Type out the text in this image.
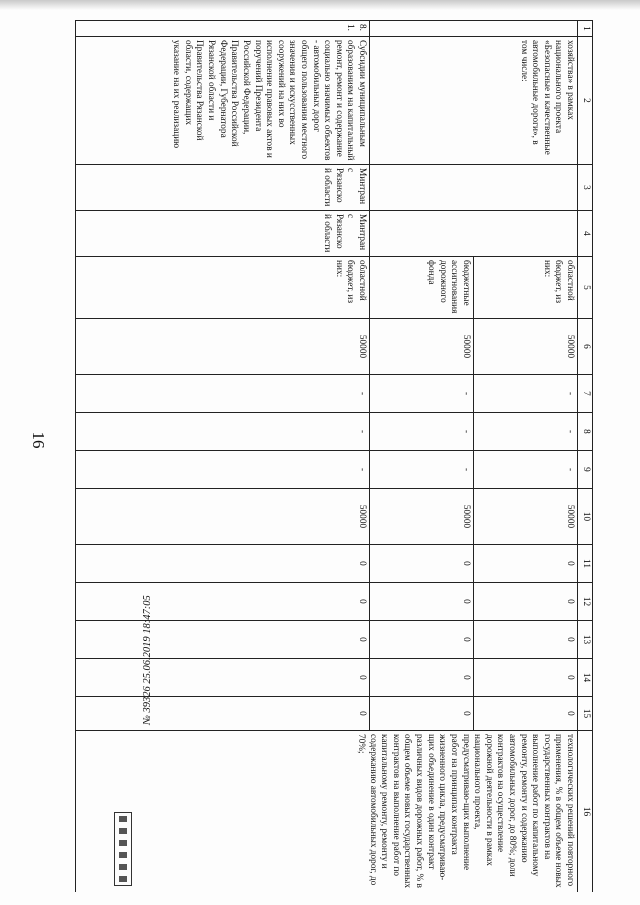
16
1	2	3	4	5	6	7	8	9	10	11	12	13	14	15	16
	хозяйства» в рамках национального проекта «Безопасные и качественные автомобильные дороги», в том числе:			областной бюджет, из них:	50000	-	-	-	50000	0	0	0	0	0	технологических решений повторного применения, % в общем объеме новых государственных контрактов на выполнение работ по капитальному ремонту, ремонту и содержанию автомобильных дорог, до 80%; доли контрактов на осуществление дорожной деятельности в рамках национального проекта, предусматриваю-щих выполнение работ на принципах контракта жизненного цикла, предусматриваю-щих объединение в один контракт различных видов дорожных работ, % в общем объеме новых государственных контрактов на выполнение работ по капитальному ремонту, ремонту и содержанию автомобильных дорог, до 70%;
				бюджетные ассигнования дорожного фонда	50000	-	-	-	50000	0	0	0	0	0	
8.1.	Субсидии муниципальным образованиям на капитальный ремонт, ремонт и содержание социально значимых объектов - автомобильных дорог общего пользования местного значения и искусственных сооружений на них во исполнение правовых актов и поручений Президента Российской Федерации, Правительства Российской Федерации, Губернатора Рязанской области и Правительства Рязанской области, содержащих указание на их реализацию	Минтранс Рязанской области	Минтранс Рязанской области	областной бюджет, из них:	50000	-	-	-	50000	0	0	0	0	0	
№ 39326 25.06.2019 18:47:05
